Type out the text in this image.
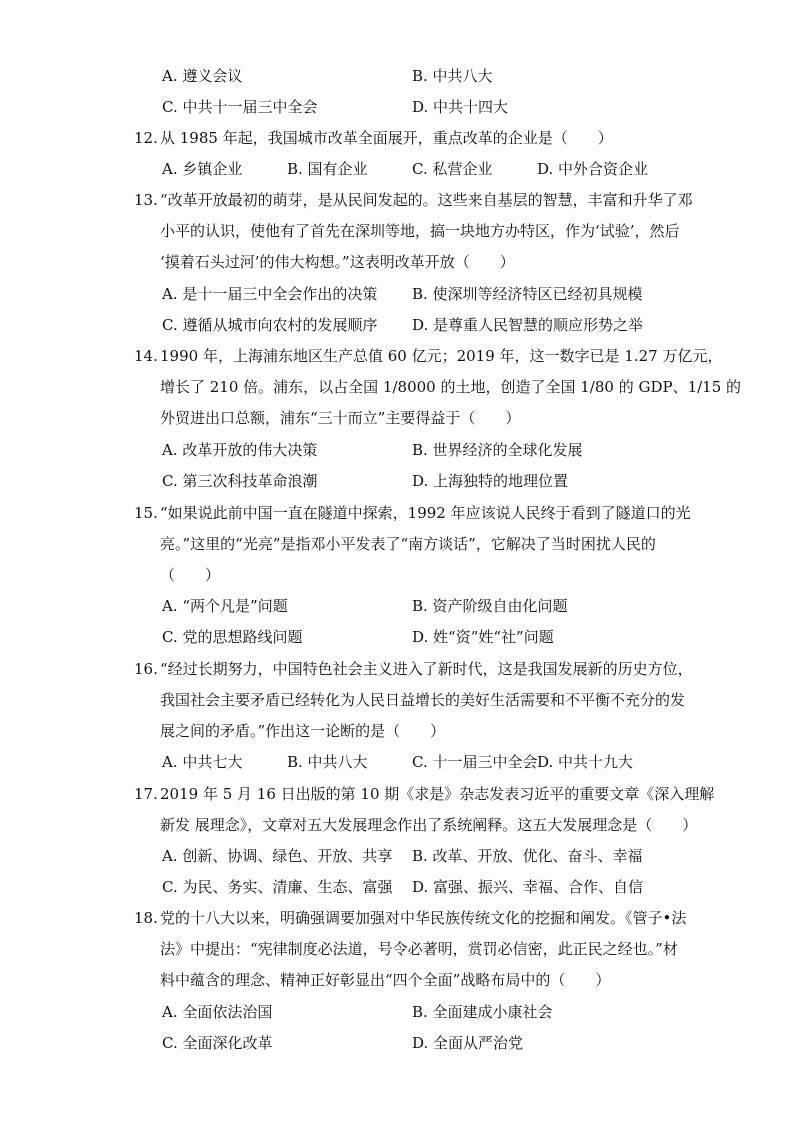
A. 遵义会议	B. 中共八大
C. 中共十一届三中全会	D. 中共十四大
12. 从 1985 年起，我国城市改革全面展开，重点改革的企业是（　　）
A. 乡镇企业	B. 国有企业	C. 私营企业	D. 中外合资企业
13. “改革开放最初的萌芽，是从民间发起的。这些来自基层的智慧，丰富和升华了邓
小平的认识，使他有了首先在深圳等地，搞一块地方办特区，作为‘试验’，然后
‘摸着石头过河’的伟大构想。”这表明改革开放（　　）
A. 是十一届三中全会作出的决策 B. 使深圳等经济特区已经初具规模
C. 遵循从城市向农村的发展顺序 D. 是尊重人民智慧的顺应形势之举
14. 1990 年，上海浦东地区生产总值 60 亿元；2019 年，这一数字已是 1.27 万亿元，
增长了 210 倍。浦东，以占全国 1/8000 的土地，创造了全国 1/80 的 GDP、1/15 的
外贸进出口总额，浦东“三十而立”主要得益于（　　）
A. 改革开放的伟大决策	B. 世界经济的全球化发展
C. 第三次科技革命浪潮	D. 上海独特的地理位置
15. “如果说此前中国一直在隧道中探索，1992 年应该说人民终于看到了隧道口的光
亮。”这里的“光亮”是指邓小平发表了“南方谈话”，它解决了当时困扰人民的
（　　）
A. “两个凡是”问题	B. 资产阶级自由化问题
C. 党的思想路线问题	D. 姓“资”姓“社”问题
16. “经过长期努力，中国特色社会主义进入了新时代，这是我国发展新的历史方位，
我国社会主要矛盾已经转化为人民日益增长的美好生活需要和不平衡不充分的发
展之间的矛盾。”作出这一论断的是（　　）
A. 中共七大	B. 中共八大	C. 十一届三中全会 D. 中共十九大
17. 2019 年 5 月 16 日出版的第 10 期《求是》杂志发表习近平的重要文章《深入理解
新发 展理念》，文章对五大发展理念作出了系统阐释。这五大发展理念是（　　）
A. 创新、协调、绿色、开放、共享 B. 改革、开放、优化、奋斗、幸福
C. 为民、务实、清廉、生态、富强 D. 富强、振兴、幸福、合作、自信
18. 党的十八大以来，明确强调要加强对中华民族传统文化的挖掘和阐发。《管子•法
法》中提出：“宪律制度必法道，号令必著明，赏罚必信密，此正民之经也。”材
料中蕴含的理念、精神正好彰显出“四个全面”战略布局中的（　　）
A. 全面依法治国	B. 全面建成小康社会
C. 全面深化改革	D. 全面从严治党
